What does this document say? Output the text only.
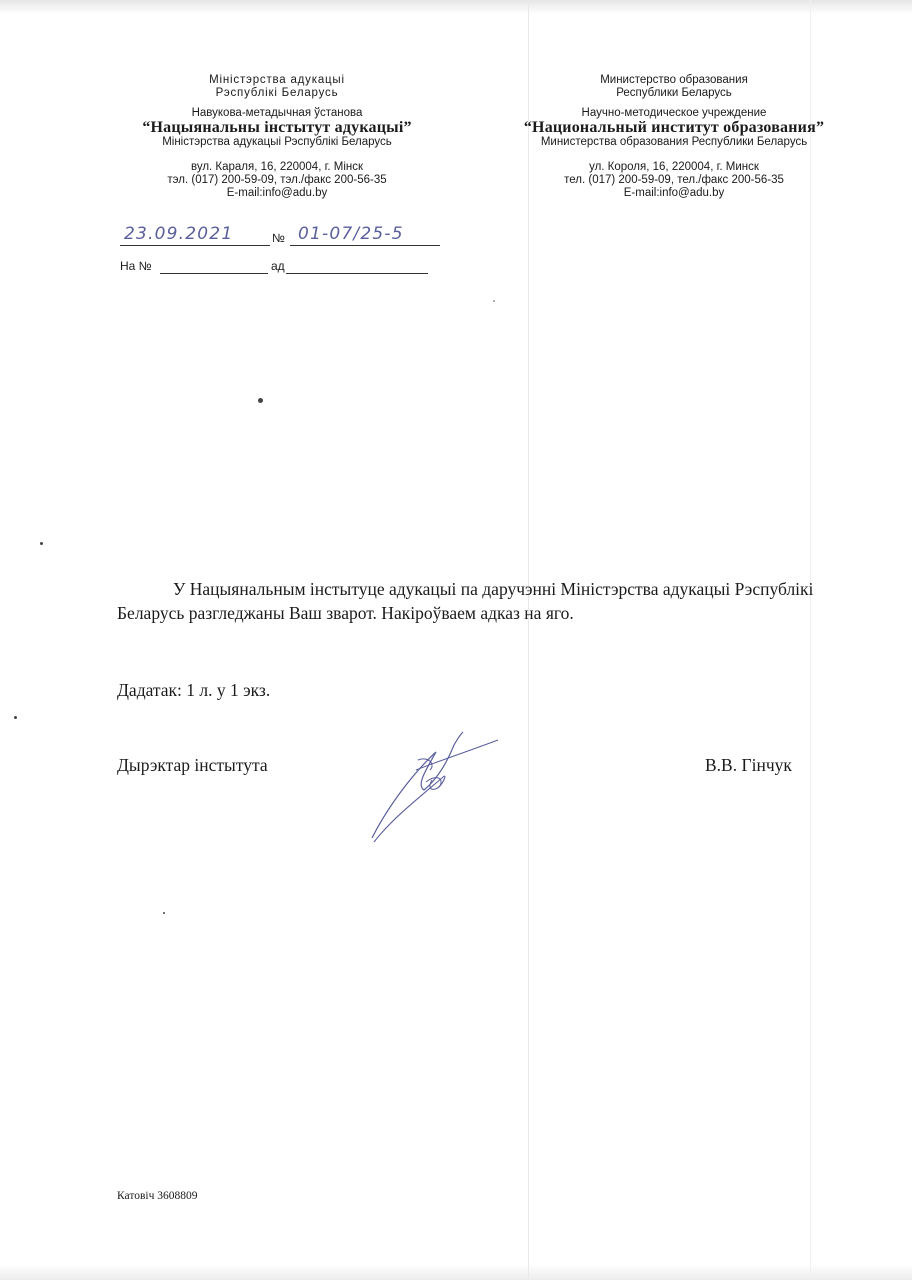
Міністэрства адукацыі
Рэспублікі Беларусь
Навукова-метадычная ўстанова
“Нацыянальны інстытут адукацыі”
Міністэрства адукацыі Рэспублікі Беларусь
вул. Караля, 16, 220004, г. Мінск
тэл. (017) 200-59-09, тэл./факс 200-56-35
E-mail:info@adu.by
Министерство образования
Республики Беларусь
Научно-методическое учреждение
“Национальный институт образования”
Министерства образования Республики Беларусь
ул. Короля, 16, 220004, г. Минск
тел. (017) 200-59-09, тел./факс 200-56-35
E-mail:info@adu.by
23.09.2021	№ 01-07/25-5
На №	ад
У Нацыянальным інстытуце адукацыі па даручэнні Міністэрства адукацыі Рэспублікі Беларусь разгледжаны Ваш зварот. Накіроўваем адказ на яго.
Дадатак: 1 л. у 1 экз.
Дырэктар інстытута	В.В. Гінчук
Катовіч 3608809
